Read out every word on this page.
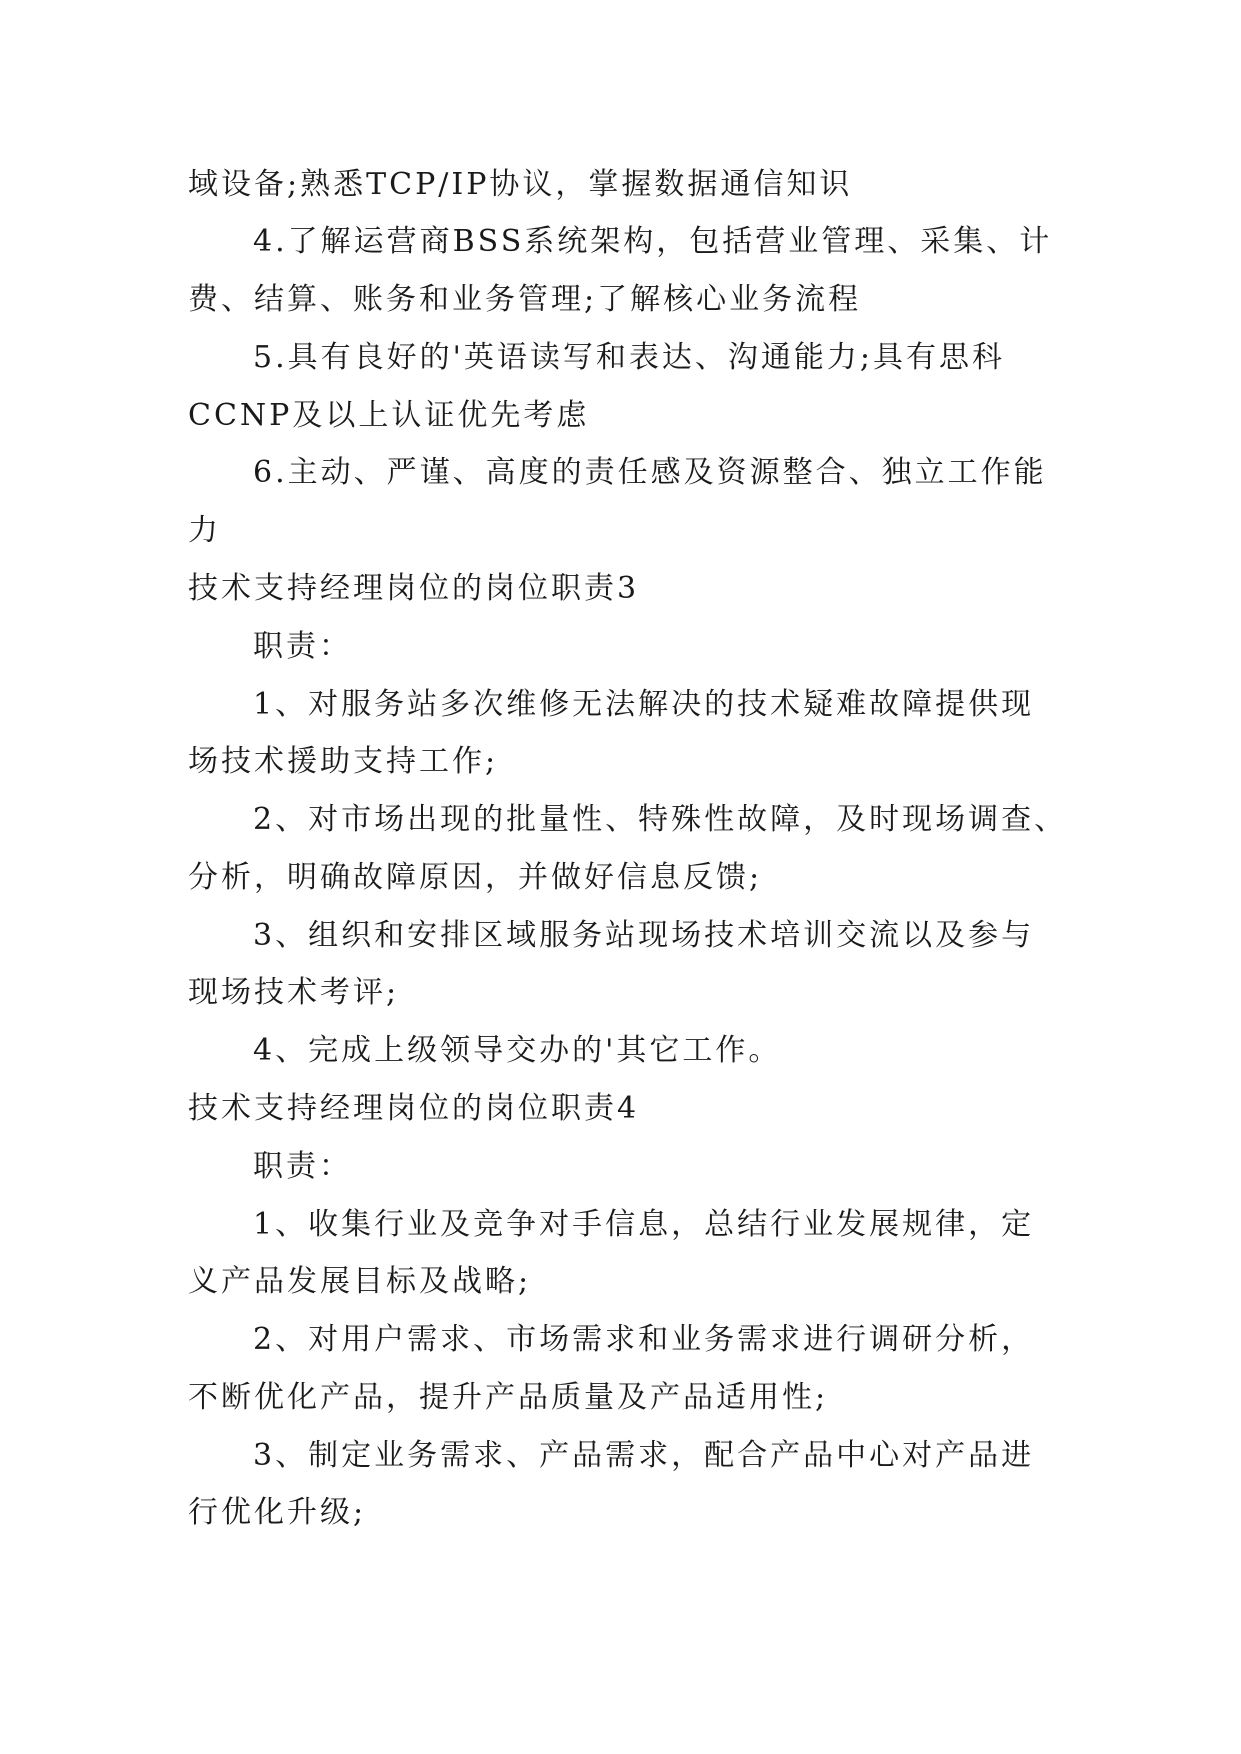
域设备;熟悉TCP/IP协议，掌握数据通信知识
4.了解运营商BSS系统架构，包括营业管理、采集、计
费、结算、账务和业务管理;了解核心业务流程
5.具有良好的'英语读写和表达、沟通能力;具有思科
CCNP及以上认证优先考虑
6.主动、严谨、高度的责任感及资源整合、独立工作能
力
技术支持经理岗位的岗位职责3
职责：
1、对服务站多次维修无法解决的技术疑难故障提供现
场技术援助支持工作;
2、对市场出现的批量性、特殊性故障，及时现场调查、
分析，明确故障原因，并做好信息反馈;
3、组织和安排区域服务站现场技术培训交流以及参与
现场技术考评;
4、完成上级领导交办的'其它工作。
技术支持经理岗位的岗位职责4
职责：
1、收集行业及竞争对手信息，总结行业发展规律，定
义产品发展目标及战略;
2、对用户需求、市场需求和业务需求进行调研分析，
不断优化产品，提升产品质量及产品适用性;
3、制定业务需求、产品需求，配合产品中心对产品进
行优化升级;
